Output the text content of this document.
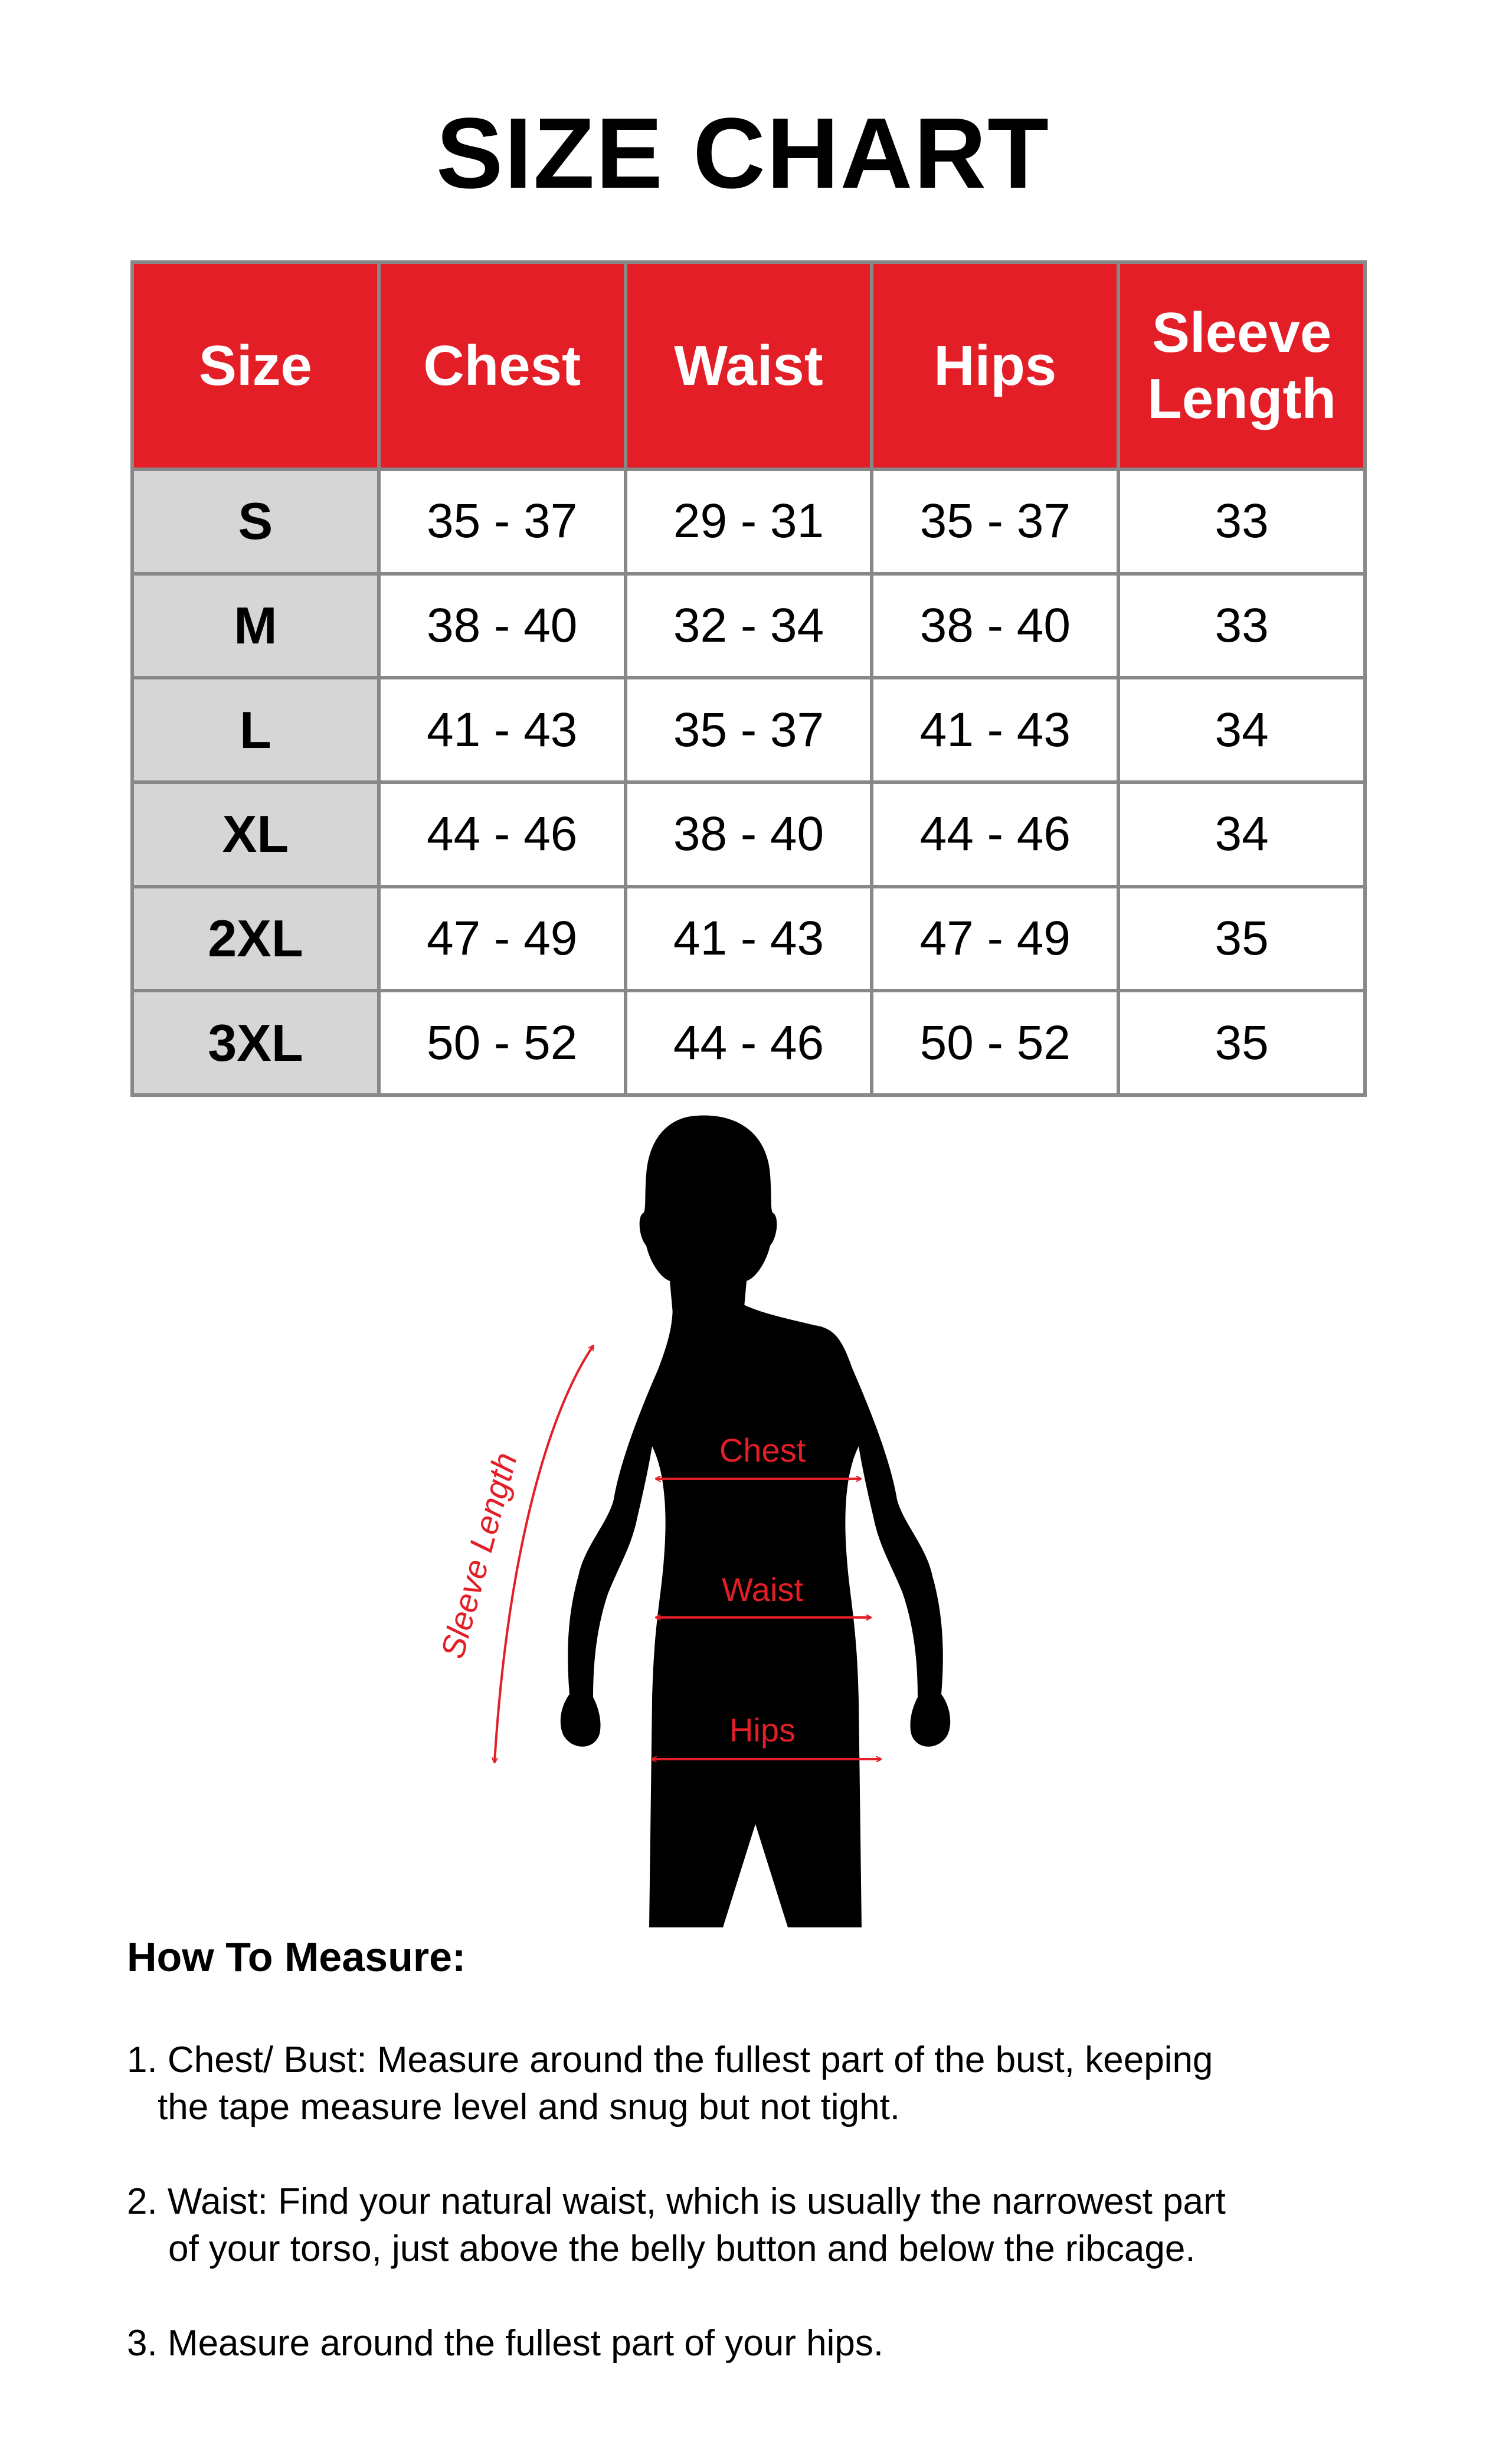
SIZE CHART
Size	Chest	Waist	Hips	Sleeve Length
S	35 - 37	29 - 31	35 - 37	33
M	38 - 40	32 - 34	38 - 40	33
L	41 - 43	35 - 37	41 - 43	34
XL	44 - 46	38 - 40	44 - 46	34
2XL	47 - 49	41 - 43	47 - 49	35
3XL	50 - 52	44 - 46	50 - 52	35
Chest
Waist
Hips
Sleeve Length
How To Measure:
1. Chest/ Bust: Measure around the fullest part of the bust, keeping
the tape measure level and snug but not tight.
2. Waist: Find your natural waist, which is usually the narrowest part
of your torso, just above the belly button and below the ribcage.
3. Measure around the fullest part of your hips.
